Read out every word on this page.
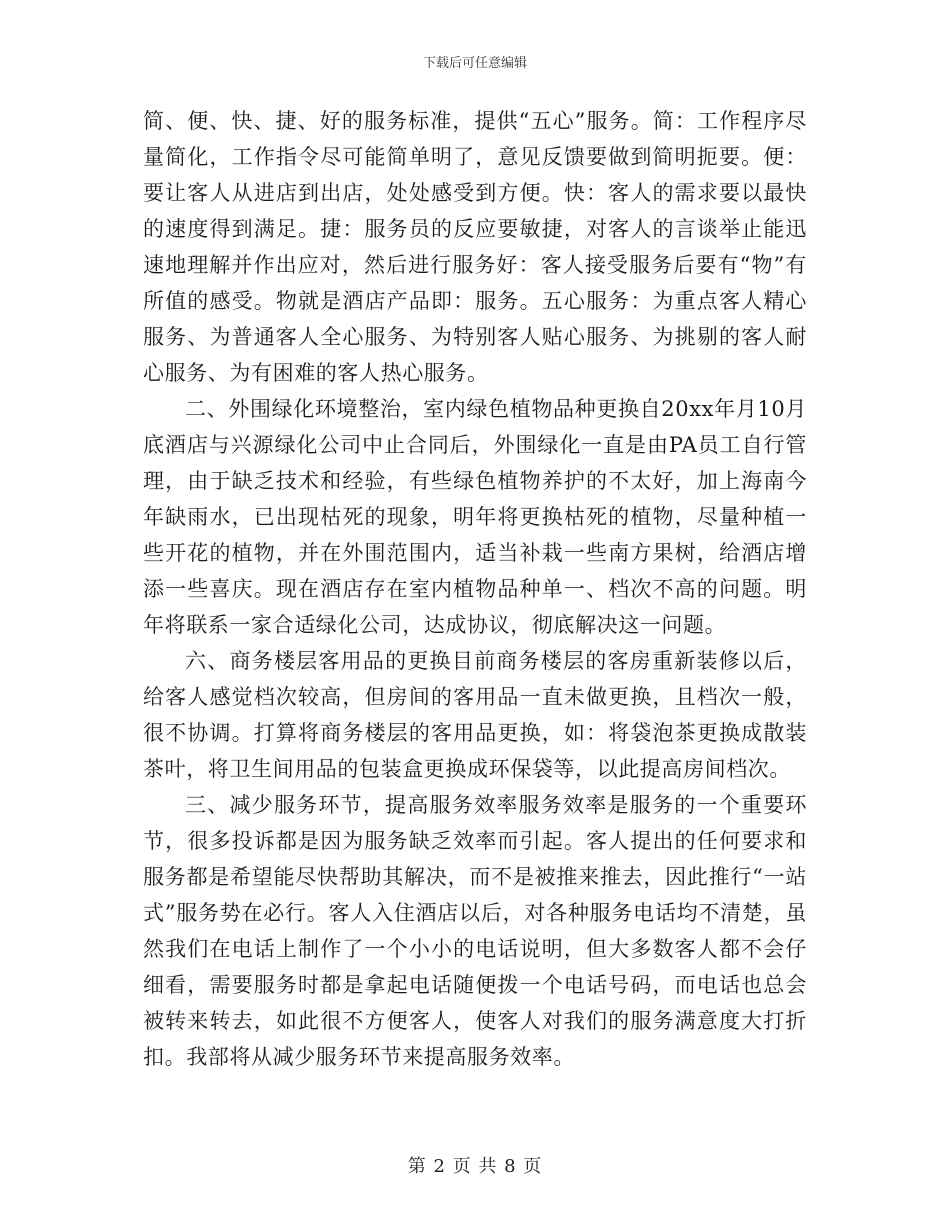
下载后可任意编辑

简、便、快、捷、好的服务标准，提供“五心”服务。简：工作程序尽量简化，工作指令尽可能简单明了，意见反馈要做到简明扼要。便：要让客人从进店到出店，处处感受到方便。快：客人的需求要以最快的速度得到满足。捷：服务员的反应要敏捷，对客人的言谈举止能迅速地理解并作出应对，然后进行服务好：客人接受服务后要有“物”有所值的感受。物就是酒店产品即：服务。五心服务：为重点客人精心服务、为普通客人全心服务、为特别客人贴心服务、为挑剔的客人耐心服务、为有困难的客人热心服务。

二、外围绿化环境整治，室内绿色植物品种更换自20xx年月10月底酒店与兴源绿化公司中止合同后，外围绿化一直是由PA员工自行管理，由于缺乏技术和经验，有些绿色植物养护的不太好，加上海南今年缺雨水，已出现枯死的现象，明年将更换枯死的植物，尽量种植一些开花的植物，并在外围范围内，适当补栽一些南方果树，给酒店增添一些喜庆。现在酒店存在室内植物品种单一、档次不高的问题。明年将联系一家合适绿化公司，达成协议，彻底解决这一问题。

六、商务楼层客用品的更换目前商务楼层的客房重新装修以后，给客人感觉档次较高，但房间的客用品一直未做更换，且档次一般，很不协调。打算将商务楼层的客用品更换，如：将袋泡茶更换成散装茶叶，将卫生间用品的包装盒更换成环保袋等，以此提高房间档次。

三、减少服务环节，提高服务效率服务效率是服务的一个重要环节，很多投诉都是因为服务缺乏效率而引起。客人提出的任何要求和服务都是希望能尽快帮助其解决，而不是被推来推去，因此推行“一站式”服务势在必行。客人入住酒店以后，对各种服务电话均不清楚，虽然我们在电话上制作了一个小小的电话说明，但大多数客人都不会仔细看，需要服务时都是拿起电话随便拨一个电话号码，而电话也总会被转来转去，如此很不方便客人，使客人对我们的服务满意度大打折扣。我部将从减少服务环节来提高服务效率。

第 2 页 共 8 页
